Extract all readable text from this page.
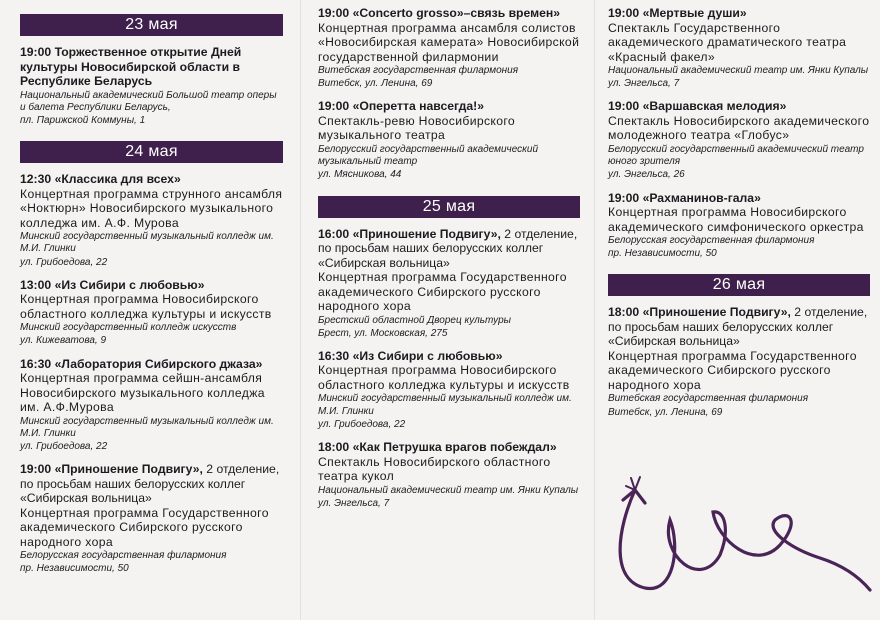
23 мая
19:00 Торжественное открытие Дней культуры Новосибирской области в Республике Беларусь
Национальный академический Большой театр оперы и балета Республики Беларусь,
пл. Парижской Коммуны, 1
24 мая
12:30 «Классика для всех»
Концертная программа струнного ансамбля «Ноктюрн» Новосибирского музыкального колледжа им. А.Ф. Мурова
Минский государственный музыкальный колледж им. М.И. Глинки
ул. Грибоедова, 22
13:00 «Из Сибири с любовью»
Концертная программа Новосибирского областного колледжа культуры и искусств
Минский государственный колледж искусств
ул. Кижеватова, 9
16:30 «Лаборатория Сибирского джаза»
Концертная программа сейшн-ансамбля Новосибирского музыкального колледжа им. А.Ф.Мурова
Минский государственный музыкальный колледж им. М.И. Глинки
ул. Грибоедова, 22
19:00 «Приношение Подвигу», 2 отделение, по просьбам наших белорусских коллег «Сибирская вольница»
Концертная программа Государственного академического Сибирского русского народного хора
Белорусская государственная филармония
пр. Независимости, 50
19:00 «Concerto grosso»–связь времен»
Концертная программа ансамбля солистов «Новосибирская камерата» Новосибирской государственной филармонии
Витебская государственная филармония
Витебск, ул. Ленина, 69
19:00 «Оперетта навсегда!»
Спектакль-ревю Новосибирского музыкального театра
Белорусский государственный академический музыкальный театр
ул. Мясникова, 44
25 мая
16:00 «Приношение Подвигу», 2 отделение, по просьбам наших белорусских коллег «Сибирская вольница»
Концертная программа Государственного академического Сибирского русского народного хора
Брестский областной Дворец культуры
Брест, ул. Московская, 275
16:30 «Из Сибири с любовью»
Концертная программа Новосибирского областного колледжа культуры и искусств
Минский государственный музыкальный колледж им. М.И. Глинки
ул. Грибоедова, 22
18:00 «Как Петрушка врагов побеждал»
Спектакль Новосибирского областного театра кукол
Национальный академический театр им. Янки Купалы
ул. Энгельса, 7
19:00 «Мертвые души»
Спектакль Государственного академического драматического театра «Красный факел»
Национальный академический театр им. Янки Купалы
ул. Энгельса, 7
19:00 «Варшавская мелодия»
Спектакль Новосибирского академического молодежного театра «Глобус»
Белорусский государственный академический театр юного зрителя
ул. Энгельса, 26
19:00 «Рахманинов-гала»
Концертная программа Новосибирского академического симфонического оркестра
Белорусская государственная филармония
пр. Независимости, 50
26 мая
18:00 «Приношение Подвигу», 2 отделение, по просьбам наших белорусских коллег «Сибирская вольница»
Концертная программа Государственного академического Сибирского русского народного хора
Витебская государственная филармония
Витебск, ул. Ленина, 69
